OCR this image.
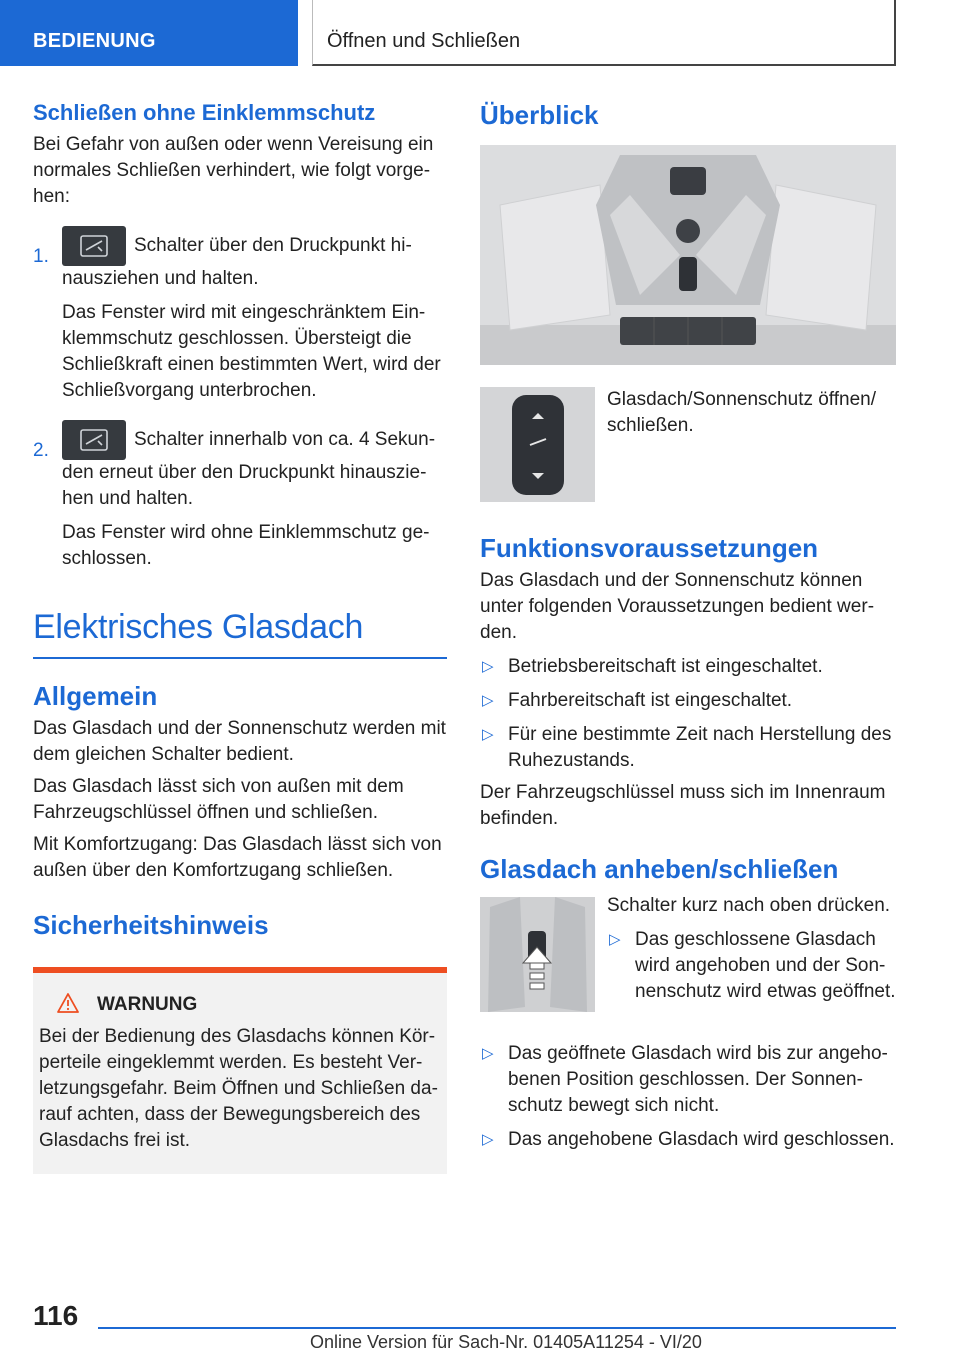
BEDIENUNG	Öffnen und Schließen
Schließen ohne Einklemmschutz

Bei Gefahr von außen oder wenn Vereisung ein normales Schließen verhindert, wie folgt vorgehen:

1.

Schalter über den Druckpunkt hinausziehen und halten.

Das Fenster wird mit eingeschränktem Einklemmschutz geschlossen. Übersteigt die Schließkraft einen bestimmten Wert, wird der Schließvorgang unterbrochen.

2.

Schalter innerhalb von ca. 4 Sekunden erneut über den Druckpunkt hinausziehen und halten.

Das Fenster wird ohne Einklemmschutz geschlossen.

Elektrisches Glasdach
Allgemein

Das Glasdach und der Sonnenschutz werden mit dem gleichen Schalter bedient.

Das Glasdach lässt sich von außen mit dem Fahrzeugschlüssel öffnen und schließen.

Mit Komfortzugang: Das Glasdach lässt sich von außen über den Komfortzugang schließen.

Sicherheitshinweis
WARNUNG

Bei der Bedienung des Glasdachs können Körperteile eingeklemmt werden. Es besteht Verletzungsgefahr. Beim Öffnen und Schließen darauf achten, dass der Bewegungsbereich des Glasdachs frei ist.

Überblick

Glasdach/Sonnenschutz öffnen/ schließen.

Funktionsvoraussetzungen

Das Glasdach und der Sonnenschutz können unter folgenden Voraussetzungen bedient werden.

▷ Betriebsbereitschaft ist eingeschaltet.
▷ Fahrbereitschaft ist eingeschaltet.
▷ Für eine bestimmte Zeit nach Herstellung des Ruhezustands.

Der Fahrzeugschlüssel muss sich im Innenraum befinden.

Glasdach anheben/schließen

Schalter kurz nach oben drücken.

▷ Das geschlossene Glasdach wird angehoben und der Sonnenschutz wird etwas geöffnet.
▷ Das geöffnete Glasdach wird bis zur angehobenen Position geschlossen. Der Sonnenschutz bewegt sich nicht.
▷ Das angehobene Glasdach wird geschlossen.
116
Online Version für Sach-Nr. 01405A11254 - VI/20
